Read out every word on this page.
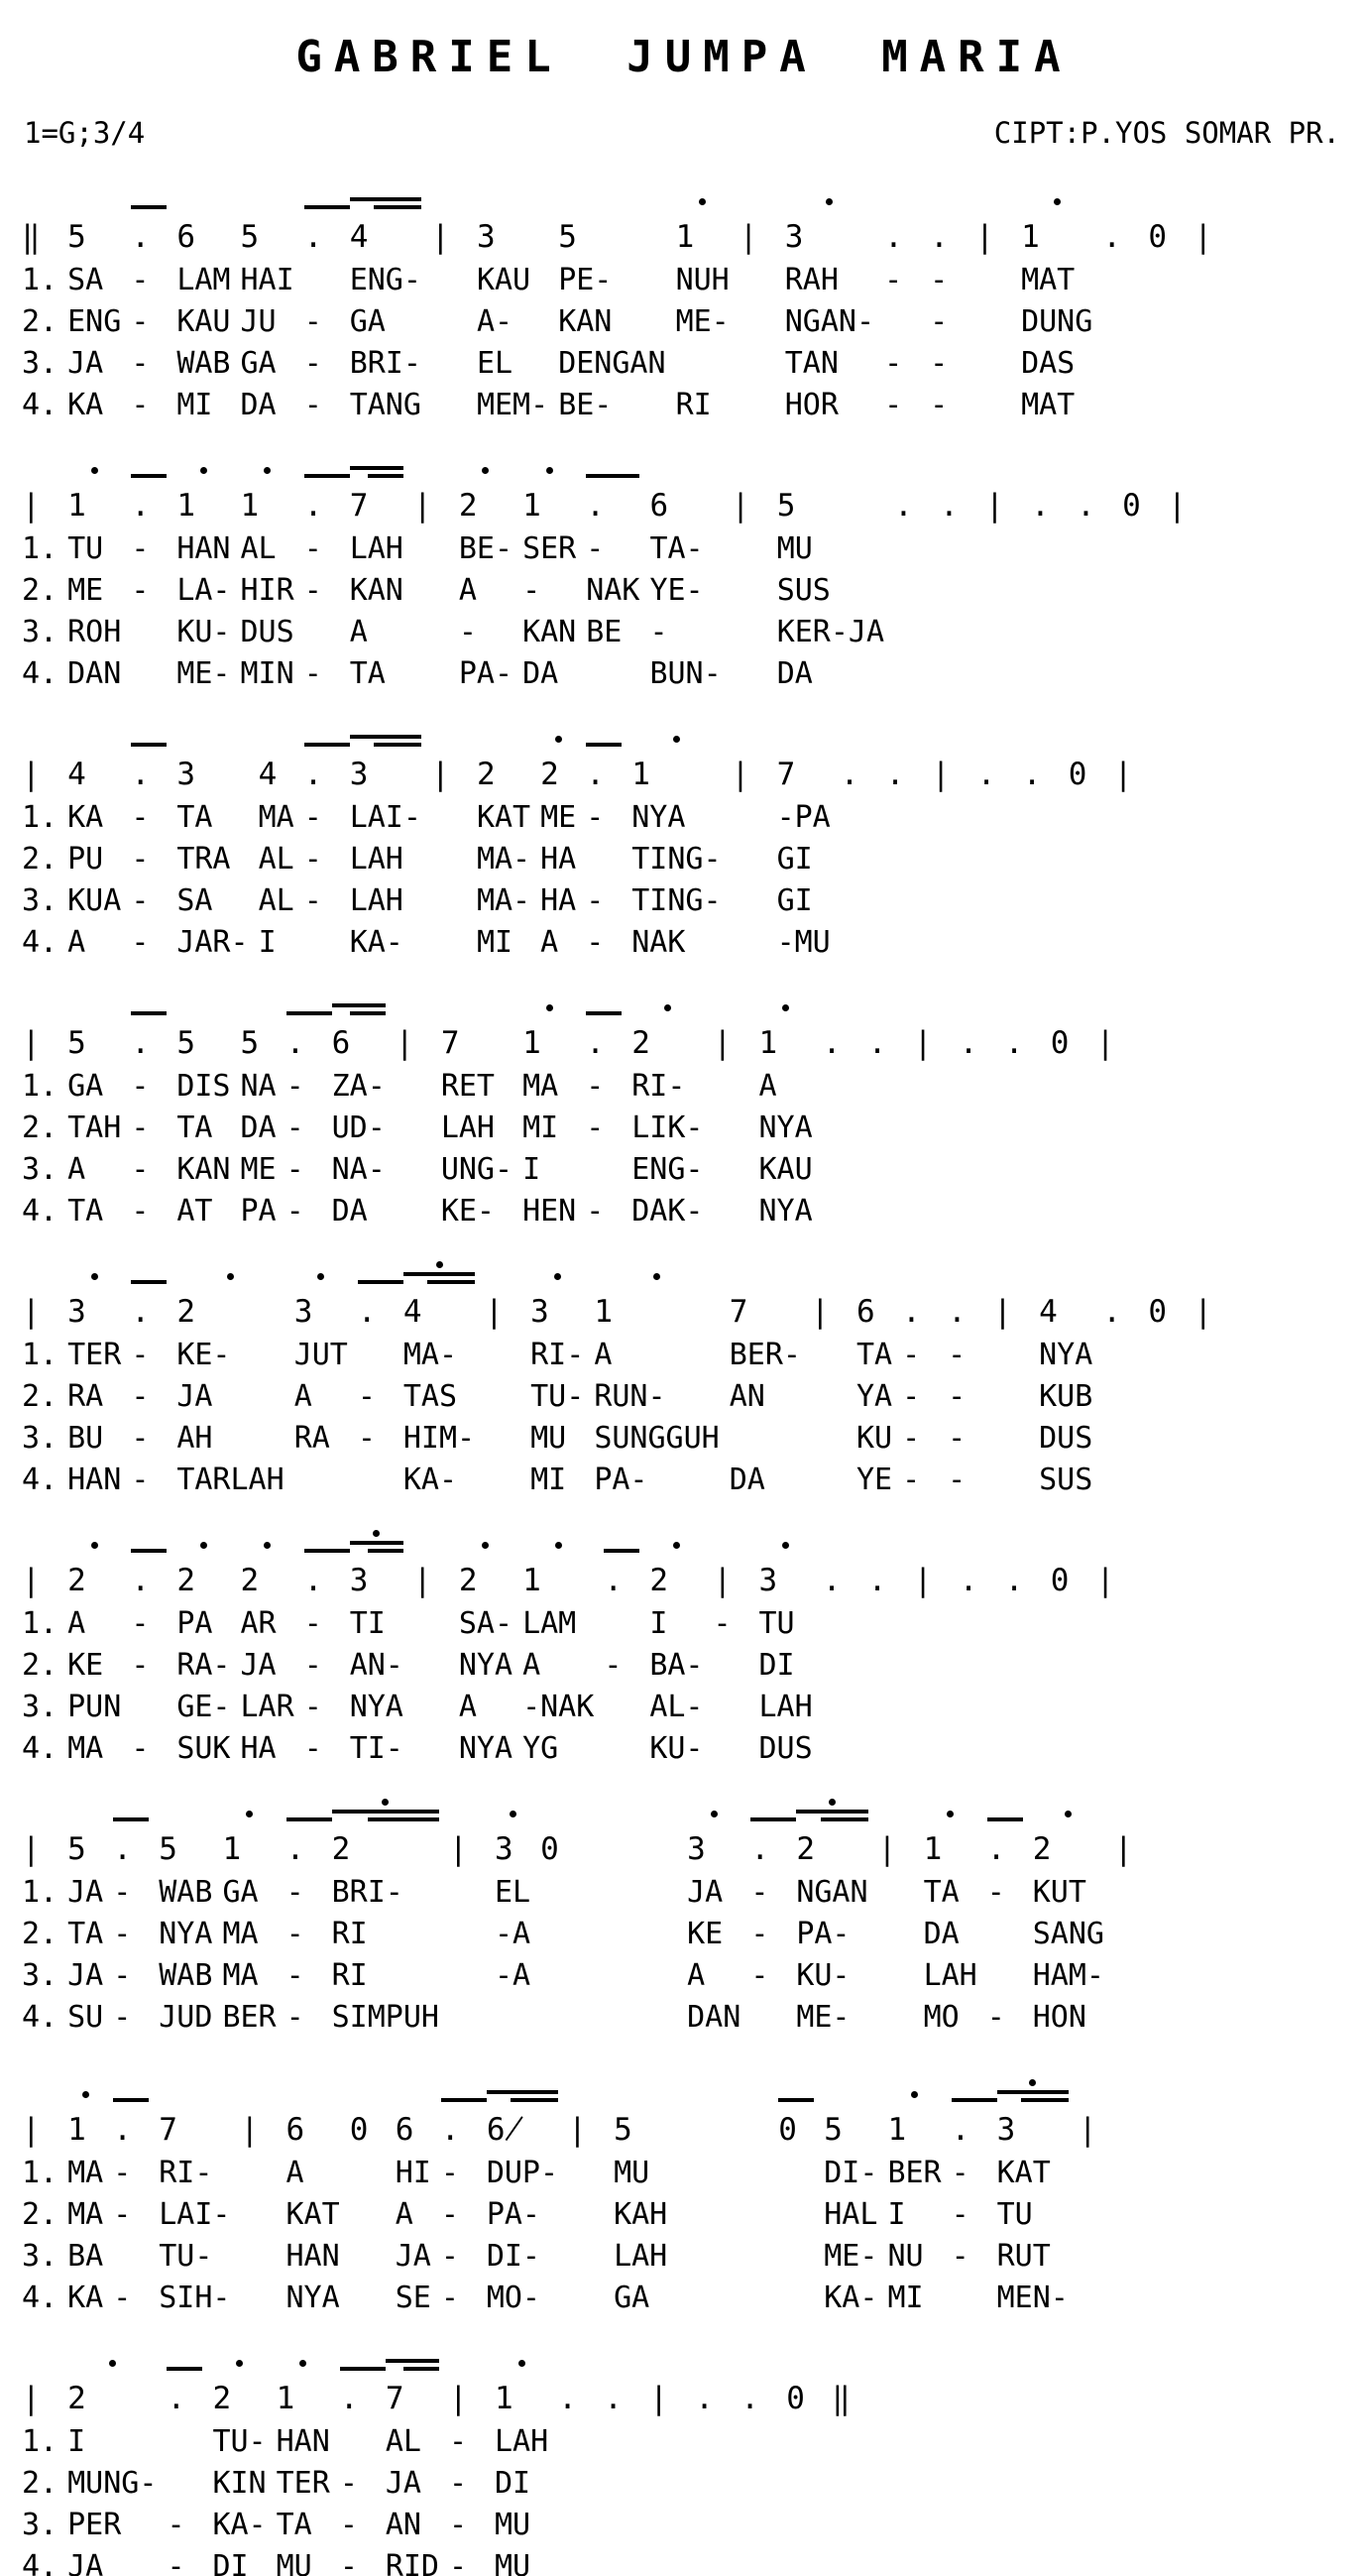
GABRIEL JUMPA MARIA
1=G;3/4	CIPT:P.YOS SOMAR PR.

‖	5	.	6	5	.	4	|	3	5	1	|	3	.	.	|	1	.	0	|
1.	SA	-	LAM	HAI		ENG-		KAU	PE-	NUH		RAH	-	-		MAT			
2.	ENG	-	KAU	JU	-	GA		A-	KAN	ME-		NGAN-		-		DUNG			
3.	JA	-	WAB	GA	-	BRI-		EL	DENGAN			TAN	-	-		DAS			
4.	KA	-	MI	DA	-	TANG		MEM-	BE-	RI		HOR	-	-		MAT			

|	1	.	1	1	.	7	|	2	1	.	6	|	5	.	.	|	.	.	0	|
1.	TU	-	HAN	AL	-	LAH		BE-	SER	-	TA-		MU							
2.	ME	-	LA-	HIR	-	KAN		A	-	NAK	YE-		SUS							
3.	ROH		KU-	DUS		A		-	KAN	BE	-		KER-JA							
4.	DAN		ME-	MIN	-	TA		PA-	DA		BUN-		DA							

|	4	.	3	4	.	3	|	2	2	.	1	|	7	.	.	|	.	.	0	|
1.	KA	-	TA	MA	-	LAI-		KAT	ME	-	NYA		-PA							
2.	PU	-	TRA	AL	-	LAH		MA-	HA		TING-		GI							
3.	KUA	-	SA	AL	-	LAH		MA-	HA	-	TING-		GI							
4.	A	-	JAR-	I		KA-		MI	A	-	NAK		-MU							

|	5	.	5	5	.	6	|	7	1	.	2	|	1	.	.	|	.	.	0	|
1.	GA	-	DIS	NA	-	ZA-		RET	MA	-	RI-		A							
2.	TAH	-	TA	DA	-	UD-		LAH	MI	-	LIK-		NYA							
3.	A	-	KAN	ME	-	NA-		UNG-	I		ENG-		KAU							
4.	TA	-	AT	PA	-	DA		KE-	HEN	-	DAK-		NYA							

|	3	.	2	3	.	4	|	3	1	7	|	6	.	.	|	4	.	0	|
1.	TER	-	KE-	JUT		MA-		RI-	A	BER-		TA	-	-		NYA			
2.	RA	-	JA	A	-	TAS		TU-	RUN-	AN		YA	-	-		KUB			
3.	BU	-	AH	RA	-	HIM-		MU	SUNGGUH			KU	-	-		DUS			
4.	HAN	-	TARLAH			KA-		MI	PA-	DA		YE	-	-		SUS			

|	2	.	2	2	.	3	|	2	1	.	2	|	3	.	.	|	.	.	0	|
1.	A	-	PA	AR	-	TI		SA-	LAM		I	-	TU							
2.	KE	-	RA-	JA	-	AN-		NYA	A	-	BA-		DI							
3.	PUN		GE-	LAR	-	NYA		A	-NAK		AL-		LAH							
4.	MA	-	SUK	HA	-	TI-		NYA	YG		KU-		DUS							

|	5	.	5	1	.	2	|	3	0		3	.	2	|	1	.	2	|
1.	JA	-	WAB	GA	-	BRI-		EL			JA	-	NGAN		TA	-	KUT	
2.	TA	-	NYA	MA	-	RI		-A			KE	-	PA-		DA		SANG	
3.	JA	-	WAB	MA	-	RI		-A			A	-	KU-		LAH		HAM-	
4.	SU	-	JUD	BER	-	SIMPUH					DAN		ME-		MO	-	HON	

|	1	.	7	|	6	0	6	.	6̸	|	5		0	5	1	.	3	|
1.	MA	-	RI-		A		HI	-	DUP-		MU			DI-	BER	-	KAT	
2.	MA	-	LAI-		KAT		A	-	PA-		KAH			HAL	I	-	TU	
3.	BA		TU-		HAN		JA	-	DI-		LAH			ME-	NU	-	RUT	
4.	KA	-	SIH-		NYA		SE	-	MO-		GA			KA-	MI		MEN-	

|	2	.	2	1	.	7	|	1	.	.	|	.	.	0	‖
1.	I		TU-	HAN		AL	-	LAH							
2.	MUNG-		KIN	TER	-	JA	-	DI							
3.	PER	-	KA-	TA	-	AN	-	MU							
4.	JA	-	DI	MU	-	RID	-	MU							
